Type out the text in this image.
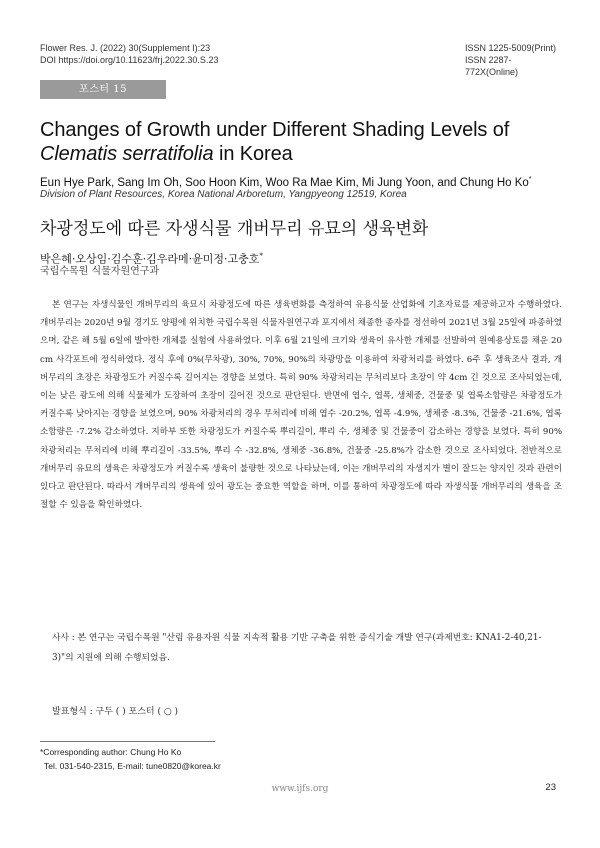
Flower Res. J. (2022) 30(Supplement I):23
DOI https://doi.org/10.11623/frj.2022.30.S.23
ISSN 1225-5009(Print)
ISSN 2287-772X(Online)
포스터 15
Changes of Growth under Different Shading Levels of Clematis serratifolia in Korea
Eun Hye Park, Sang Im Oh, Soo Hoon Kim, Woo Ra Mae Kim, Mi Jung Yoon, and Chung Ho Ko*
Division of Plant Resources, Korea National Arboretum, Yangpyeong 12519, Korea
차광정도에 따른 자생식물 개버무리 유묘의 생육변화
박은혜·오상임·김수훈·김우라메·윤미정·고충호*
국립수목원 식물자원연구과

본 연구는 자생식물인 개버무리의 육묘시 차광정도에 따른 생육변화를 측정하여 유용식물 산업화에 기초자료를 제공하고자 수행하였다. 개버무리는 2020년 9월 경기도 양평에 위치한 국립수목원 식물자원연구과 포지에서 채종한 종자를 정선하여 2021년 3월 25일에 파종하였으며, 같은 해 5월 6일에 발아한 개체를 실험에 사용하였다. 이후 6월 21일에 크기와 생육이 유사한 개체를 선발하여 원예용상토를 채운 20cm 사각포트에 정식하였다. 정식 후에 0%(무차광), 30%, 70%, 90%의 차광망을 이용하여 차광처리를 하였다. 6주 후 생육조사 결과, 개버무리의 초장은 차광정도가 커질수록 길어지는 경향을 보였다. 특히 90% 차광처리는 무처리보다 초장이 약 4cm 긴 것으로 조사되었는데, 이는 낮은 광도에 의해 식물체가 도장하여 초장이 길어진 것으로 판단된다. 반면에 엽수, 엽폭, 생체중, 건물중 및 엽록소함량은 차광정도가 커질수록 낮아지는 경향을 보였으며, 90% 차광처리의 경우 무처리에 비해 엽수 -20.2%, 엽폭 -4.9%, 생체중 -8.3%, 건물중 -21.6%, 엽록소함량은 -7.2% 감소하였다. 지하부 또한 차광정도가 커질수록 뿌리길이, 뿌리 수, 생체중 및 건물중이 감소하는 경향을 보였다. 특히 90% 차광처리는 무처리에 비해 뿌리길이 -33.5%, 뿌리 수 -32.8%, 생체중 -36.8%, 건물중 -25.8%가 감소한 것으로 조사되었다. 전반적으로 개버무리 유묘의 생육은 차광정도가 커질수록 생육이 불량한 것으로 나타났는데, 이는 개버무리의 자생지가 별이 잘드는 양지인 것과 관련이 있다고 판단된다. 따라서 개버무리의 생육에 있어 광도는 중요한 역할을 하며, 이를 통하여 차광정도에 따라 자생식물 개버무리의 생육을 조절할 수 있음을 확인하였다.

사사 : 본 연구는 국립수목원 "산림 유용자원 식물 지속적 활용 기반 구축을 위한 증식기술 개발 연구(과제번호: KNA1-2-40,21-3)"의 지원에 의해 수행되었음.

발표형식 : 구두 ( ) 포스터 ( ○ )
*Corresponding author: Chung Ho Ko
Tel. 031-540-2315, E-mail: tune0820@korea.kr
www.ijfs.org	23
